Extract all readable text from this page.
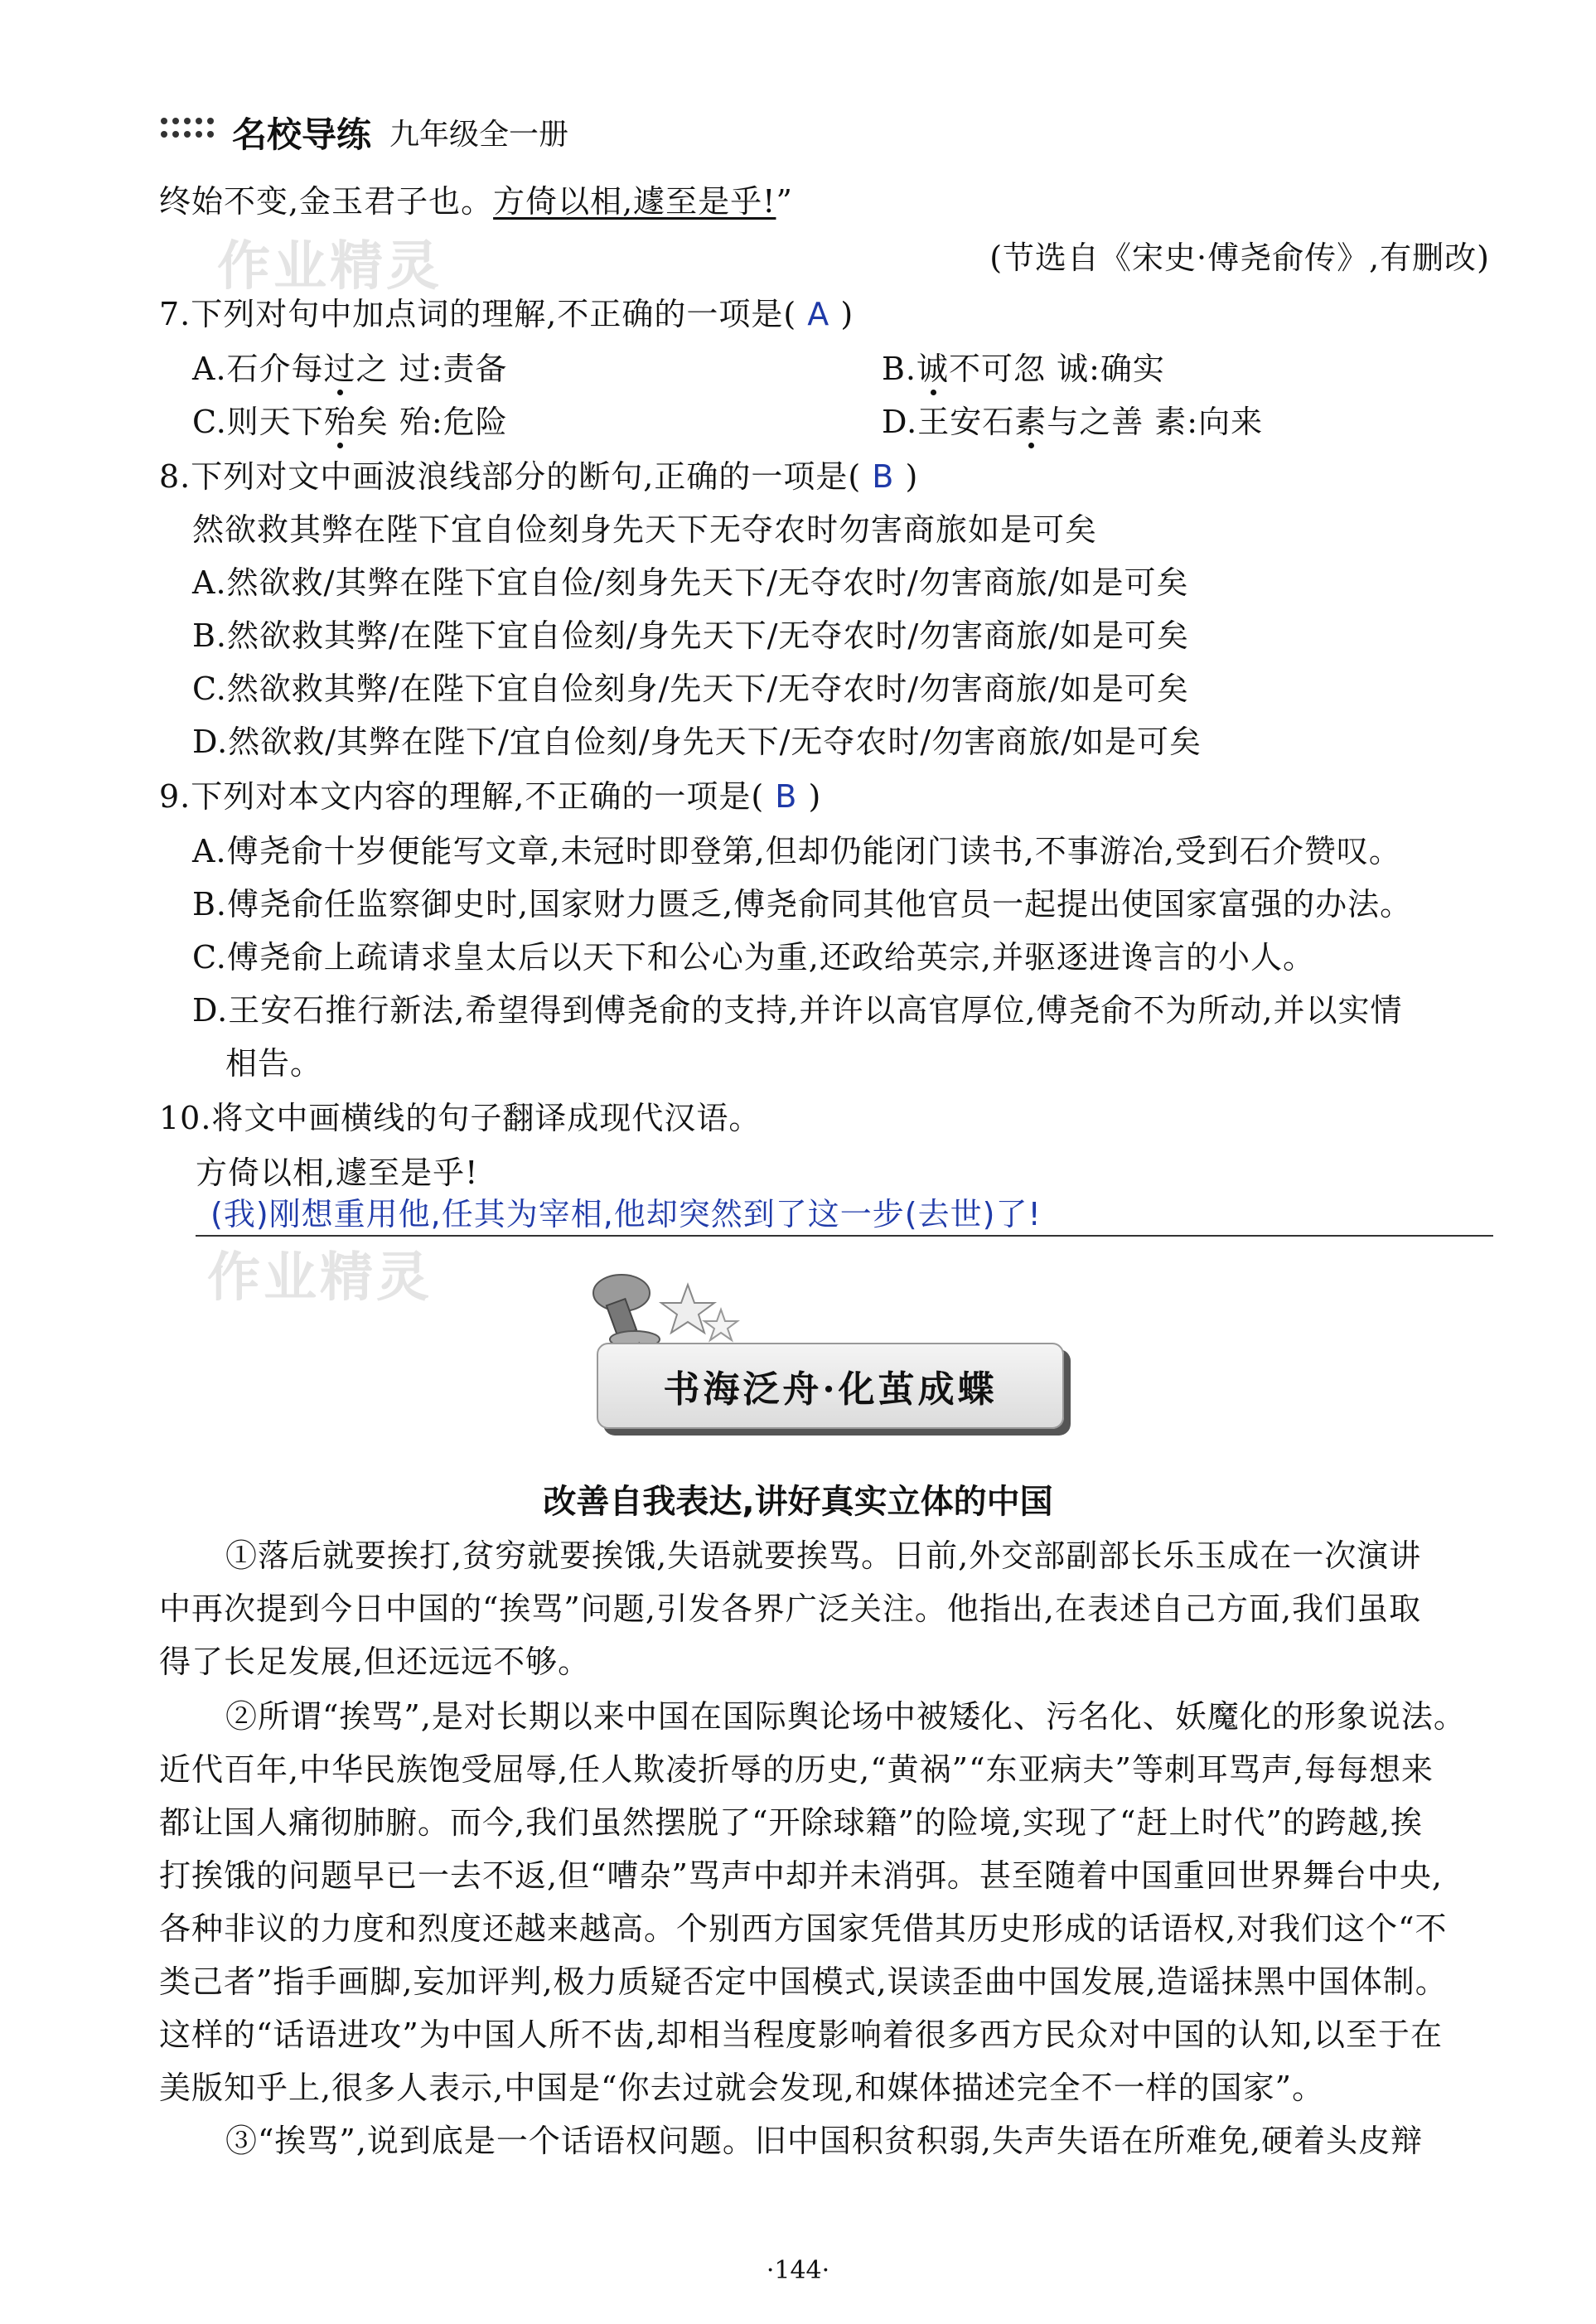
名校导练 九年级全一册
作业精灵
作业精灵
终始不变,金玉君子也。方倚以相,遽至是乎!”
(节选自《宋史·傅尧俞传》,有删改)
7.下列对句中加点词的理解,不正确的一项是( A )
A.石介每过之 过:责备	B.诚不可忽 诚:确实
C.则天下殆矣 殆:危险	D.王安石素与之善 素:向来
8.下列对文中画波浪线部分的断句,正确的一项是( B )
然欲救其弊在陛下宜自俭刻身先天下无夺农时勿害商旅如是可矣
A.然欲救/其弊在陛下宜自俭/刻身先天下/无夺农时/勿害商旅/如是可矣
B.然欲救其弊/在陛下宜自俭刻/身先天下/无夺农时/勿害商旅/如是可矣
C.然欲救其弊/在陛下宜自俭刻身/先天下/无夺农时/勿害商旅/如是可矣
D.然欲救/其弊在陛下/宜自俭刻/身先天下/无夺农时/勿害商旅/如是可矣
9.下列对本文内容的理解,不正确的一项是( B )
A.傅尧俞十岁便能写文章,未冠时即登第,但却仍能闭门读书,不事游冶,受到石介赞叹。
B.傅尧俞任监察御史时,国家财力匮乏,傅尧俞同其他官员一起提出使国家富强的办法。
C.傅尧俞上疏请求皇太后以天下和公心为重,还政给英宗,并驱逐进谗言的小人。
D.王安石推行新法,希望得到傅尧俞的支持,并许以高官厚位,傅尧俞不为所动,并以实情
相告。
10.将文中画横线的句子翻译成现代汉语。
方倚以相,遽至是乎!
(我)刚想重用他,任其为宰相,他却突然到了这一步(去世)了!
书海泛舟·化茧成蝶
改善自我表达,讲好真实立体的中国
①落后就要挨打,贫穷就要挨饿,失语就要挨骂。日前,外交部副部长乐玉成在一次演讲
中再次提到今日中国的“挨骂”问题,引发各界广泛关注。他指出,在表述自己方面,我们虽取
得了长足发展,但还远远不够。
②所谓“挨骂”,是对长期以来中国在国际舆论场中被矮化、污名化、妖魔化的形象说法。
近代百年,中华民族饱受屈辱,任人欺凌折辱的历史,“黄祸”“东亚病夫”等刺耳骂声,每每想来
都让国人痛彻肺腑。而今,我们虽然摆脱了“开除球籍”的险境,实现了“赶上时代”的跨越,挨
打挨饿的问题早已一去不返,但“嘈杂”骂声中却并未消弭。甚至随着中国重回世界舞台中央,
各种非议的力度和烈度还越来越高。个别西方国家凭借其历史形成的话语权,对我们这个“不
类己者”指手画脚,妄加评判,极力质疑否定中国模式,误读歪曲中国发展,造谣抹黑中国体制。
这样的“话语进攻”为中国人所不齿,却相当程度影响着很多西方民众对中国的认知,以至于在
美版知乎上,很多人表示,中国是“你去过就会发现,和媒体描述完全不一样的国家”。
③“挨骂”,说到底是一个话语权问题。旧中国积贫积弱,失声失语在所难免,硬着头皮辩
·144·
